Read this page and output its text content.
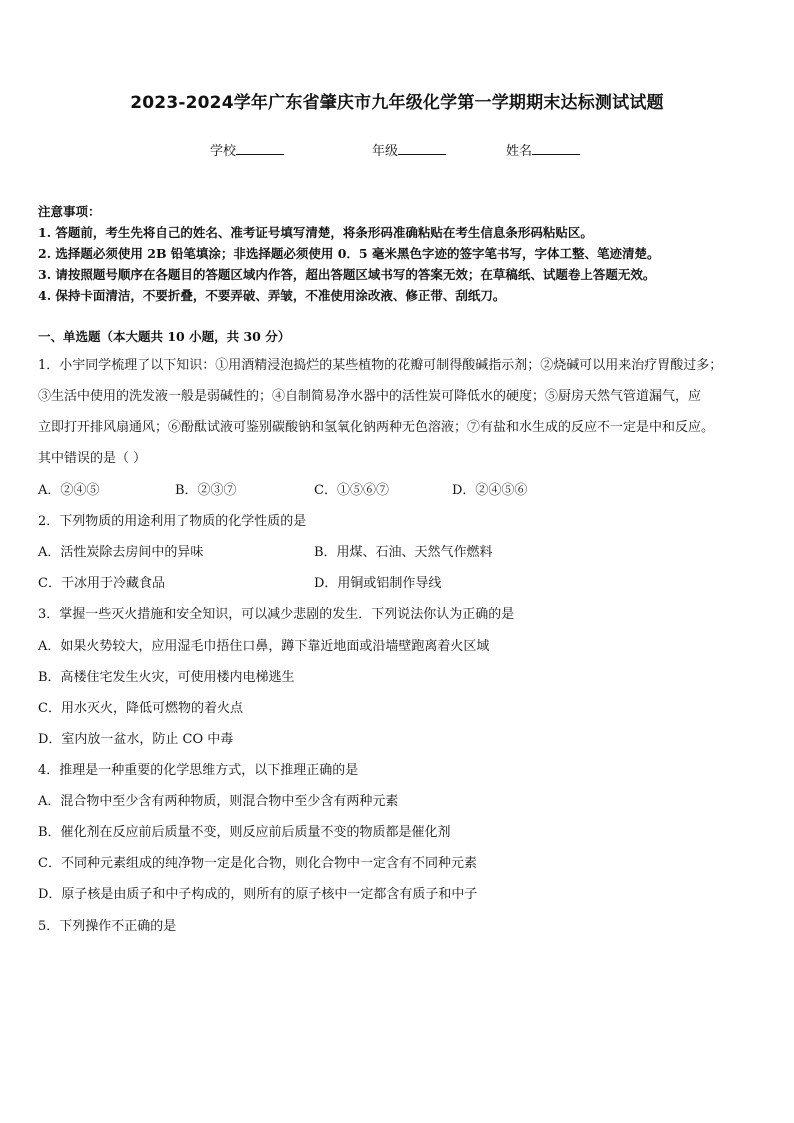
2023-2024学年广东省肇庆市九年级化学第一学期期末达标测试试题
学校	年级	姓名
注意事项：
1. 答题前，考生先将自己的姓名、准考证号填写清楚，将条形码准确粘贴在考生信息条形码粘贴区。
2. 选择题必须使用 2B 铅笔填涂；非选择题必须使用 0．5 毫米黑色字迹的签字笔书写，字体工整、笔迹清楚。
3. 请按照题号顺序在各题目的答题区域内作答，超出答题区域书写的答案无效；在草稿纸、试题卷上答题无效。
4. 保持卡面清洁，不要折叠，不要弄破、弄皱，不准使用涂改液、修正带、刮纸刀。
一、单选题（本大题共 10 小题，共 30 分）
1．小宇同学梳理了以下知识：①用酒精浸泡捣烂的某些植物的花瓣可制得酸碱指示剂；②烧碱可以用来治疗胃酸过多；
③生活中使用的洗发液一般是弱碱性的；④自制简易净水器中的活性炭可降低水的硬度；⑤厨房天然气管道漏气，应
立即打开排风扇通风；⑥酚酞试液可鉴别碳酸钠和氢氧化钠两种无色溶液；⑦有盐和水生成的反应不一定是中和反应。
其中错误的是（ ）
A．②④⑤	B．②③⑦	C．①⑤⑥⑦	D．②④⑤⑥
2．下列物质的用途利用了物质的化学性质的是
A．活性炭除去房间中的异味	B．用煤、石油、天然气作燃料
C．干冰用于冷藏食品	D．用铜或铝制作导线
3．掌握一些灭火措施和安全知识，可以减少悲剧的发生．下列说法你认为正确的是
A．如果火势较大，应用湿毛巾捂住口鼻，蹲下靠近地面或沿墙壁跑离着火区域
B．高楼住宅发生火灾，可使用楼内电梯逃生
C．用水灭火，降低可燃物的着火点
D．室内放一盆水，防止 CO 中毒
4．推理是一种重要的化学思维方式，以下推理正确的是
A．混合物中至少含有两种物质，则混合物中至少含有两种元素
B．催化剂在反应前后质量不变，则反应前后质量不变的物质都是催化剂
C．不同种元素组成的纯净物一定是化合物，则化合物中一定含有不同种元素
D．原子核是由质子和中子构成的，则所有的原子核中一定都含有质子和中子
5．下列操作不正确的是
